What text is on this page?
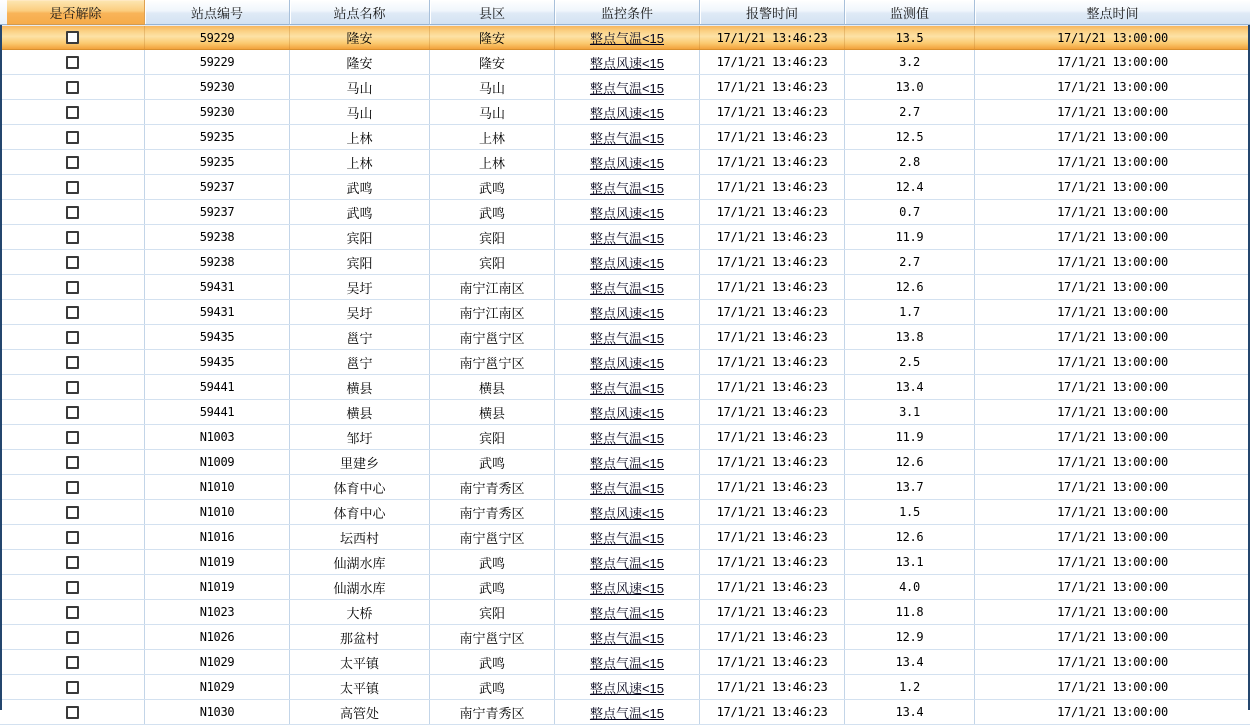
是否解除	站点编号	站点名称	县区	监控条件	报警时间	监测值	整点时间
59229	隆安	隆安	整点气温<15	17/1/21 13:46:23	13.5	17/1/21 13:00:00
59229	隆安	隆安	整点风速<15	17/1/21 13:46:23	3.2	17/1/21 13:00:00
59230	马山	马山	整点气温<15	17/1/21 13:46:23	13.0	17/1/21 13:00:00
59230	马山	马山	整点风速<15	17/1/21 13:46:23	2.7	17/1/21 13:00:00
59235	上林	上林	整点气温<15	17/1/21 13:46:23	12.5	17/1/21 13:00:00
59235	上林	上林	整点风速<15	17/1/21 13:46:23	2.8	17/1/21 13:00:00
59237	武鸣	武鸣	整点气温<15	17/1/21 13:46:23	12.4	17/1/21 13:00:00
59237	武鸣	武鸣	整点风速<15	17/1/21 13:46:23	0.7	17/1/21 13:00:00
59238	宾阳	宾阳	整点气温<15	17/1/21 13:46:23	11.9	17/1/21 13:00:00
59238	宾阳	宾阳	整点风速<15	17/1/21 13:46:23	2.7	17/1/21 13:00:00
59431	吴圩	南宁江南区	整点气温<15	17/1/21 13:46:23	12.6	17/1/21 13:00:00
59431	吴圩	南宁江南区	整点风速<15	17/1/21 13:46:23	1.7	17/1/21 13:00:00
59435	邕宁	南宁邕宁区	整点气温<15	17/1/21 13:46:23	13.8	17/1/21 13:00:00
59435	邕宁	南宁邕宁区	整点风速<15	17/1/21 13:46:23	2.5	17/1/21 13:00:00
59441	横县	横县	整点气温<15	17/1/21 13:46:23	13.4	17/1/21 13:00:00
59441	横县	横县	整点风速<15	17/1/21 13:46:23	3.1	17/1/21 13:00:00
N1003	邹圩	宾阳	整点气温<15	17/1/21 13:46:23	11.9	17/1/21 13:00:00
N1009	里建乡	武鸣	整点气温<15	17/1/21 13:46:23	12.6	17/1/21 13:00:00
N1010	体育中心	南宁青秀区	整点气温<15	17/1/21 13:46:23	13.7	17/1/21 13:00:00
N1010	体育中心	南宁青秀区	整点风速<15	17/1/21 13:46:23	1.5	17/1/21 13:00:00
N1016	坛西村	南宁邕宁区	整点气温<15	17/1/21 13:46:23	12.6	17/1/21 13:00:00
N1019	仙湖水库	武鸣	整点气温<15	17/1/21 13:46:23	13.1	17/1/21 13:00:00
N1019	仙湖水库	武鸣	整点风速<15	17/1/21 13:46:23	4.0	17/1/21 13:00:00
N1023	大桥	宾阳	整点气温<15	17/1/21 13:46:23	11.8	17/1/21 13:00:00
N1026	那盆村	南宁邕宁区	整点气温<15	17/1/21 13:46:23	12.9	17/1/21 13:00:00
N1029	太平镇	武鸣	整点气温<15	17/1/21 13:46:23	13.4	17/1/21 13:00:00
N1029	太平镇	武鸣	整点风速<15	17/1/21 13:46:23	1.2	17/1/21 13:00:00
N1030	高管处	南宁青秀区	整点气温<15	17/1/21 13:46:23	13.4	17/1/21 13:00:00
